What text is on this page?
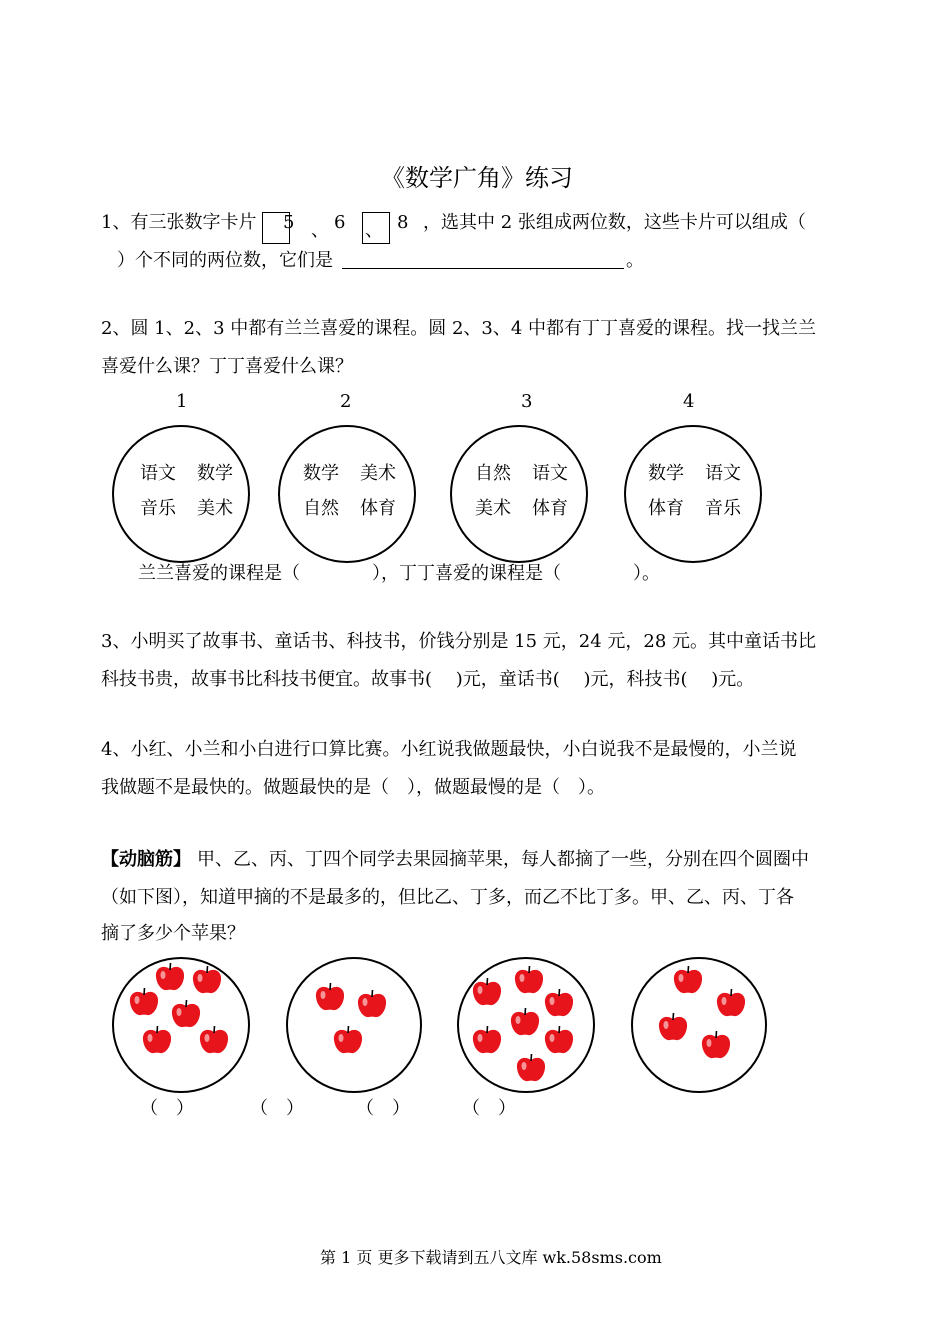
《数学广角》练习
1、有三张数字卡片 5 、 6 、 8 ，选其中 2 张组成两位数，这些卡片可以组成（
）个不同的两位数，它们是	。
2、圆 1、2、3 中都有兰兰喜爱的课程。圆 2、3、4 中都有丁丁喜爱的课程。找一找兰兰
喜爱什么课？丁丁喜爱什么课？
1	2	3	4
语文 数学
音乐 美术
数学 美术
自然 体育
自然 语文
美术 体育
数学 语文
体育 音乐
兰兰喜爱的课程是（　　　　），丁丁喜爱的课程是（　　　　）。
3、小明买了故事书、童话书、科技书，价钱分别是 15 元，24 元，28 元。其中童话书比
科技书贵，故事书比科技书便宜。故事书(　 )元，童话书(　 )元，科技书(　 )元。
4、小红、小兰和小白进行口算比赛。小红说我做题最快，小白说我不是最慢的，小兰说
我做题不是最快的。做题最快的是（　），做题最慢的是（　）。
【动脑筋】 甲、乙、丙、丁四个同学去果园摘苹果，每人都摘了一些，分别在四个圆圈中
（如下图），知道甲摘的不是最多的，但比乙、丁多，而乙不比丁多。甲、乙、丙、丁各
摘了多少个苹果？
（　）	（　）	（　）	（　）
第 1 页 更多下载请到五八文库 wk.58sms.com
